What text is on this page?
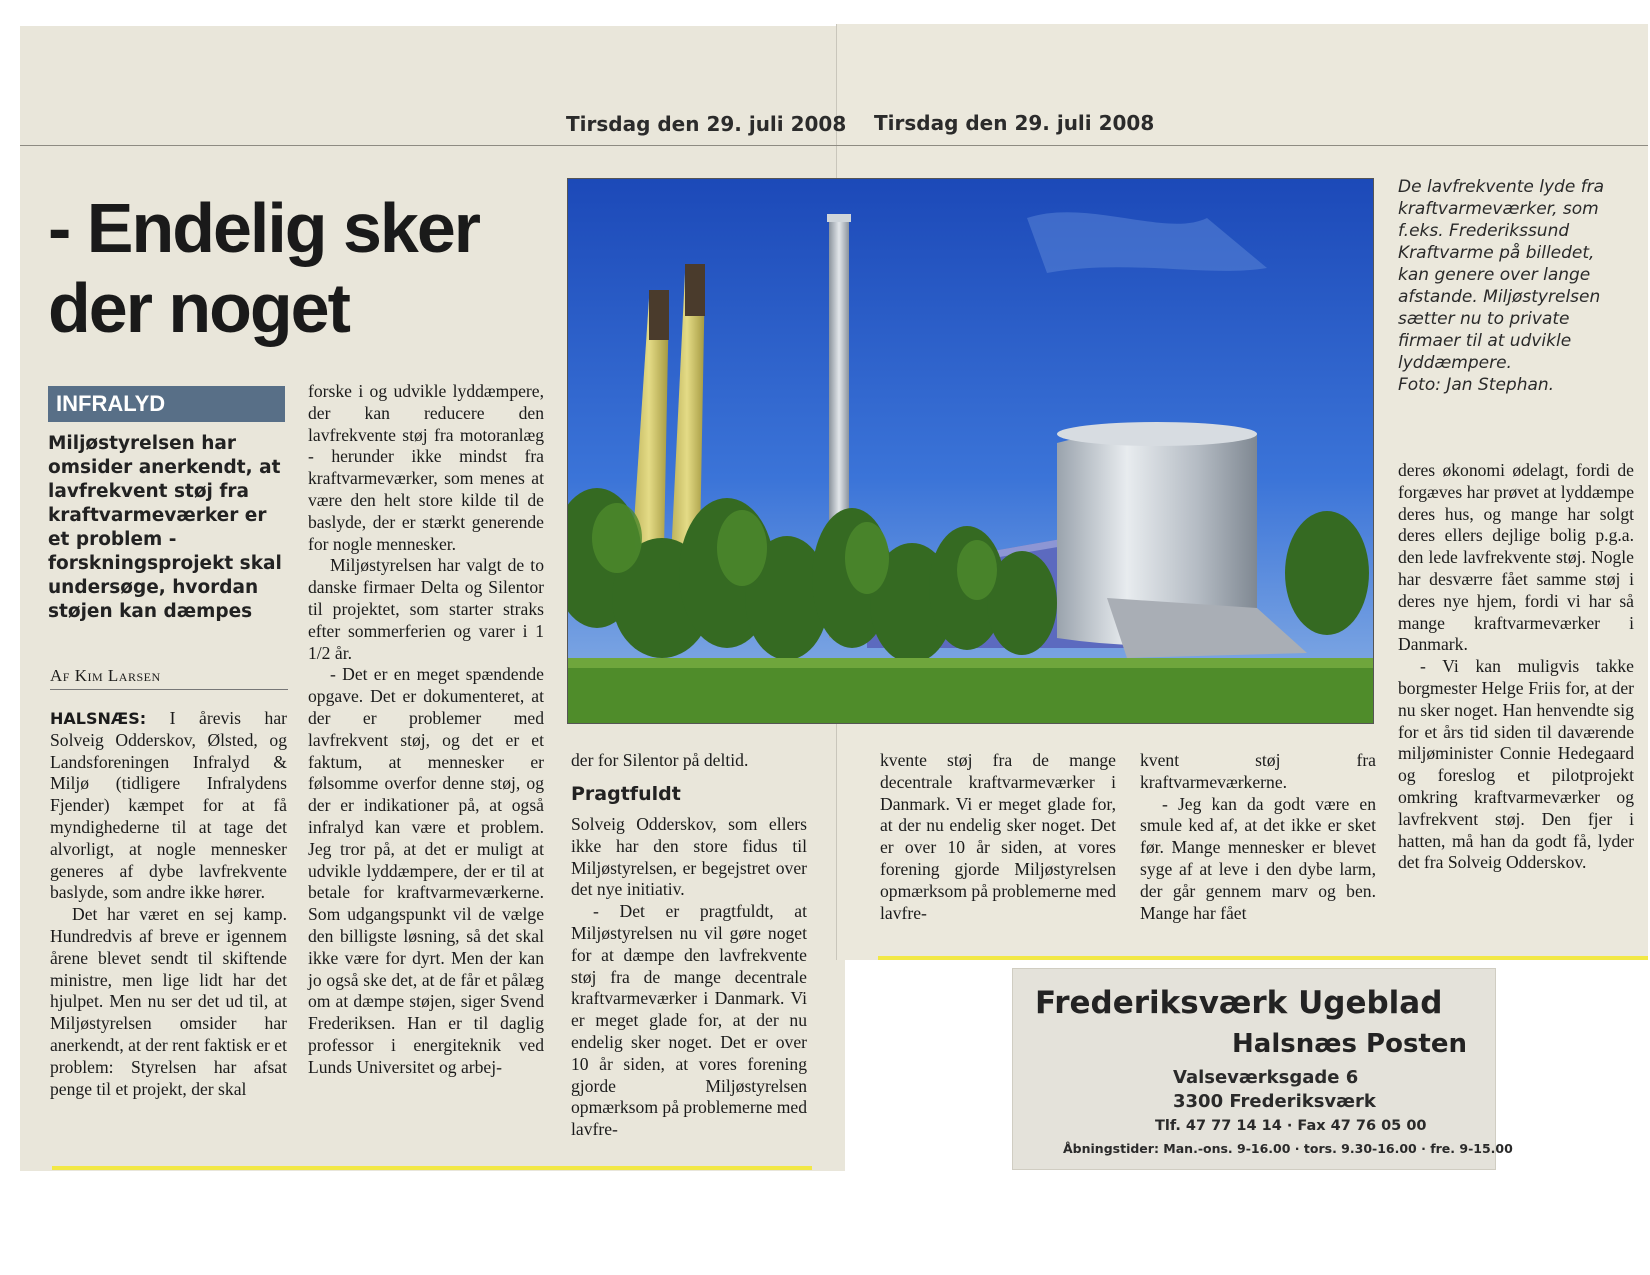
Tirsdag den 29. juli 2008 Tirsdag den 29. juli 2008
- Endelig sker
der noget
INFRALYD

Miljøstyrelsen har omsider anerkendt, at lavfrekvent støj fra kraftvarmeværker er et problem - forskningsprojekt skal undersøge, hvordan støjen kan dæmpes

Af Kim Larsen

HALSNÆS: I årevis har Solveig Odderskov, Ølsted, og Landsforeningen Infralyd & Miljø (tidligere Infralydens Fjender) kæmpet for at få myndighederne til at tage det alvorligt, at nogle mennesker generes af dybe lavfrekvente baslyde, som andre ikke hører.

Det har været en sej kamp. Hundredvis af breve er igennem årene blevet sendt til skiftende ministre, men lige lidt har det hjulpet. Men nu ser det ud til, at Miljøstyrelsen omsider har anerkendt, at der rent faktisk er et problem: Styrelsen har afsat penge til et projekt, der skal

forske i og udvikle lyddæmpere, der kan reducere den lavfrekvente støj fra motoranlæg - herunder ikke mindst fra kraftvarmeværker, som menes at være den helt store kilde til de baslyde, der er stærkt generende for nogle mennesker.

Miljøstyrelsen har valgt de to danske firmaer Delta og Silentor til projektet, som starter straks efter sommerferien og varer i 1 1/2 år.

- Det er en meget spændende opgave. Det er dokumenteret, at der er problemer med lavfrekvent støj, og det er et faktum, at mennesker er følsomme overfor denne støj, og der er indikationer på, at også infralyd kan være et problem. Jeg tror på, at det er muligt at udvikle lyddæmpere, der er til at betale for kraftvarmeværkerne. Som udgangspunkt vil de vælge den billigste løsning, så det skal ikke være for dyrt. Men der kan jo også ske det, at de får et pålæg om at dæmpe støjen, siger Svend Frederiksen. Han er til daglig professor i energiteknik ved Lunds Universitet og arbej-

der for Silentor på deltid.

Pragtfuldt

Solveig Odderskov, som ellers ikke har den store fidus til Miljøstyrelsen, er begejstret over det nye initiativ.

- Det er pragtfuldt, at Miljøstyrelsen nu vil gøre noget for at dæmpe den lavfrekvente støj fra de mange decentrale kraftvarmeværker i Danmark. Vi er meget glade for, at der nu endelig sker noget. Det er over 10 år siden, at vores forening gjorde Miljøstyrelsen opmærksom på problemerne med lavfre-

kvente støj fra de mange decentrale kraftvarmeværker i Danmark. Vi er meget glade for, at der nu endelig sker noget. Det er over 10 år siden, at vores forening gjorde Miljøstyrelsen opmærksom på problemerne med lavfre-

kvent støj fra kraftvarmeværkerne.

- Jeg kan da godt være en smule ked af, at det ikke er sket før. Mange mennesker er blevet syge af at leve i den dybe larm, der går gennem marv og ben. Mange har fået

deres økonomi ødelagt, fordi de forgæves har prøvet at lyddæmpe deres hus, og mange har solgt deres ellers dejlige bolig p.g.a. den lede lavfrekvente støj. Nogle har desværre fået samme støj i deres nye hjem, fordi vi har så mange kraftvarmeværker i Danmark.

- Vi kan muligvis takke borgmester Helge Friis for, at der nu sker noget. Han henvendte sig for et års tid siden til daværende miljøminister Connie Hedegaard og foreslog et pilotprojekt omkring kraftvarmeværker og lavfrekvent støj. Den fjer i hatten, må han da godt få, lyder det fra Solveig Odderskov.

De lavfrekvente lyde fra kraftvarmeværker, som f.eks. Frederikssund Kraftvarme på billedet, kan genere over lange afstande. Miljøstyrelsen sætter nu to private firmaer til at udvikle lyddæmpere.
Foto: Jan Stephan.

Frederiksværk Ugeblad

Halsnæs Posten

Valseværksgade 6

3300 Frederiksværk

Tlf. 47 77 14 14 · Fax 47 76 05 00

Åbningstider: Man.-ons. 9-16.00 · tors. 9.30-16.00 · fre. 9-15.00
